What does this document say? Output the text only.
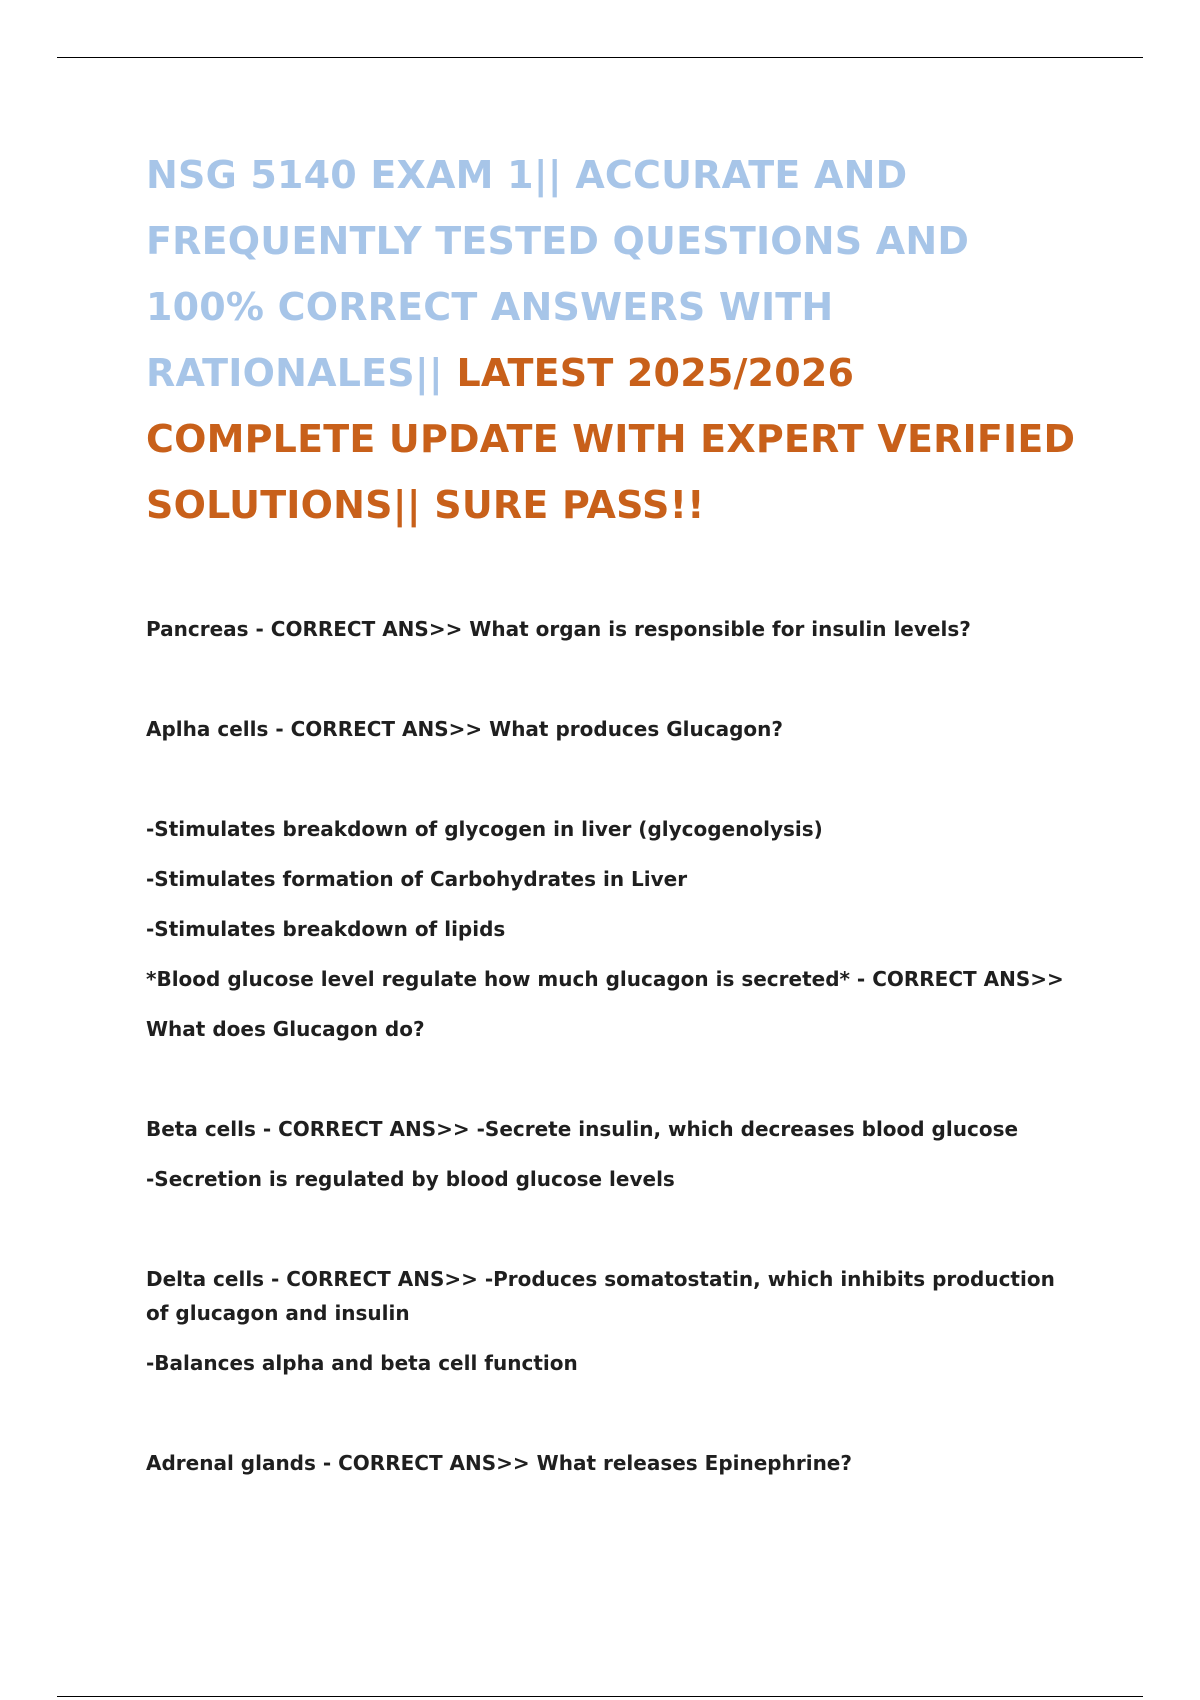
NSG 5140 EXAM 1|| ACCURATE AND FREQUENTLY TESTED QUESTIONS AND 100% CORRECT ANSWERS WITH RATIONALES|| LATEST 2025/2026 COMPLETE UPDATE WITH EXPERT VERIFIED SOLUTIONS|| SURE PASS!!

Pancreas - CORRECT ANS>> What organ is responsible for insulin levels?

Aplha cells - CORRECT ANS>> What produces Glucagon?

-Stimulates breakdown of glycogen in liver (glycogenolysis)

-Stimulates formation of Carbohydrates in Liver

-Stimulates breakdown of lipids

*Blood glucose level regulate how much glucagon is secreted* - CORRECT ANS>>

What does Glucagon do?

Beta cells - CORRECT ANS>> -Secrete insulin, which decreases blood glucose

-Secretion is regulated by blood glucose levels

Delta cells - CORRECT ANS>> -Produces somatostatin, which inhibits production of glucagon and insulin

-Balances alpha and beta cell function

Adrenal glands - CORRECT ANS>> What releases Epinephrine?
